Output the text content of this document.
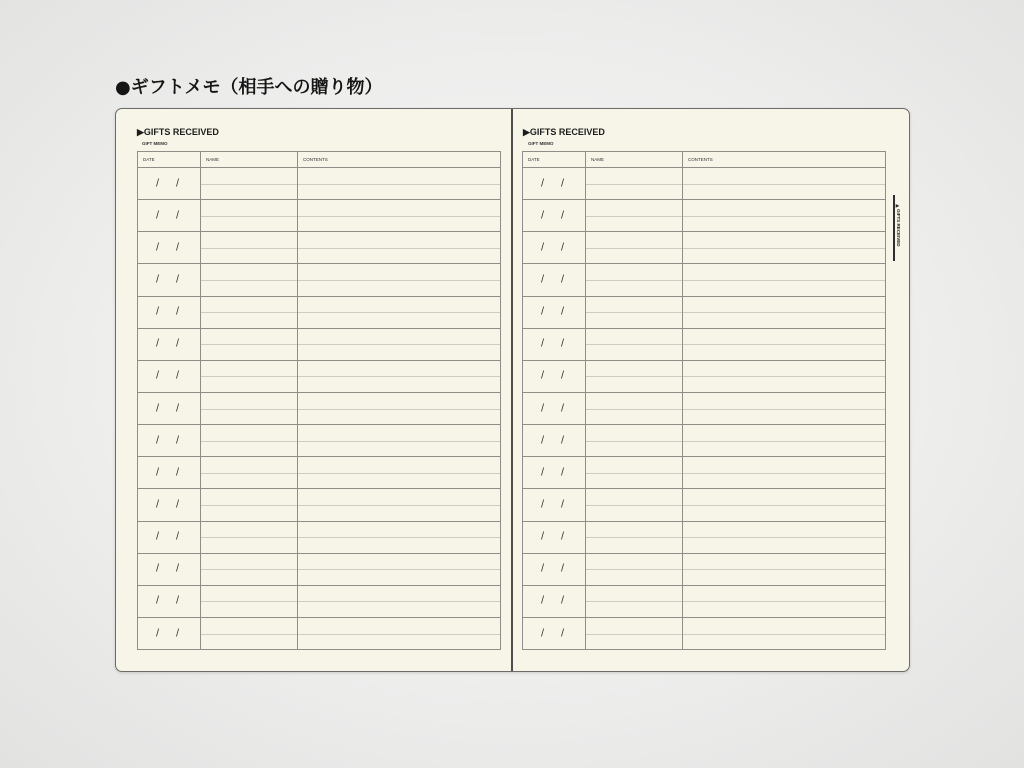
●ギフトメモ（相手への贈り物）
▶GIFTS RECEIVED
GIFT MEMO
DATE	NAME	CONTENTS
/ /
/ /
/ /
/ /
/ /
/ /
/ /
/ /
/ /
/ /
/ /
/ /
/ /
/ /
/ /
▶GIFTS RECEIVED
GIFT MEMO
DATE	NAME	CONTENTS
/ /
/ /
/ /
/ /
/ /
/ /
/ /
/ /
/ /
/ /
/ /
/ /
/ /
/ /
/ /
▶GIFTS RECEIVED
